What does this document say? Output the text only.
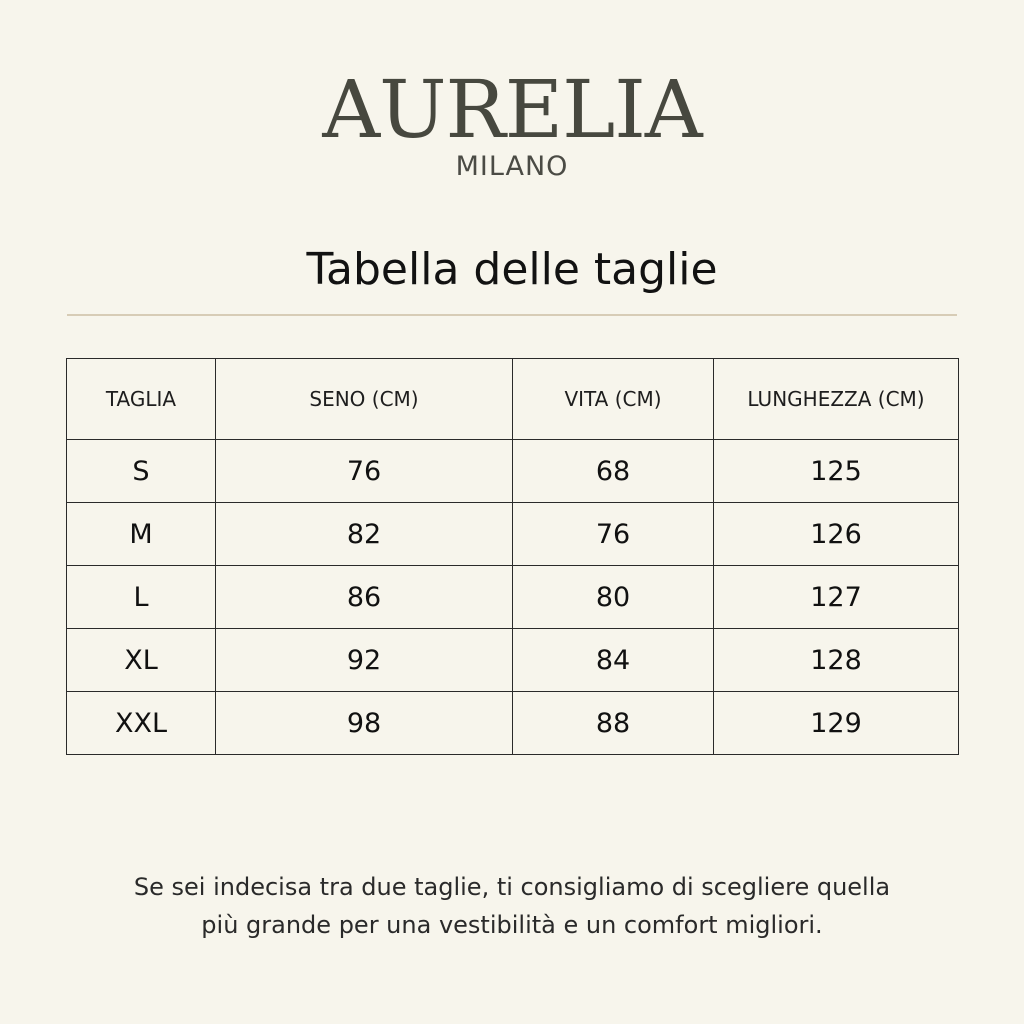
AURELIA
MILANO
Tabella delle taglie
TAGLIA	SENO (CM)	VITA (CM)	LUNGHEZZA (CM)
S	76	68	125
M	82	76	126
L	86	80	127
XL	92	84	128
XXL	98	88	129
Se sei indecisa tra due taglie, ti consigliamo di scegliere quella
più grande per una vestibilità e un comfort migliori.
